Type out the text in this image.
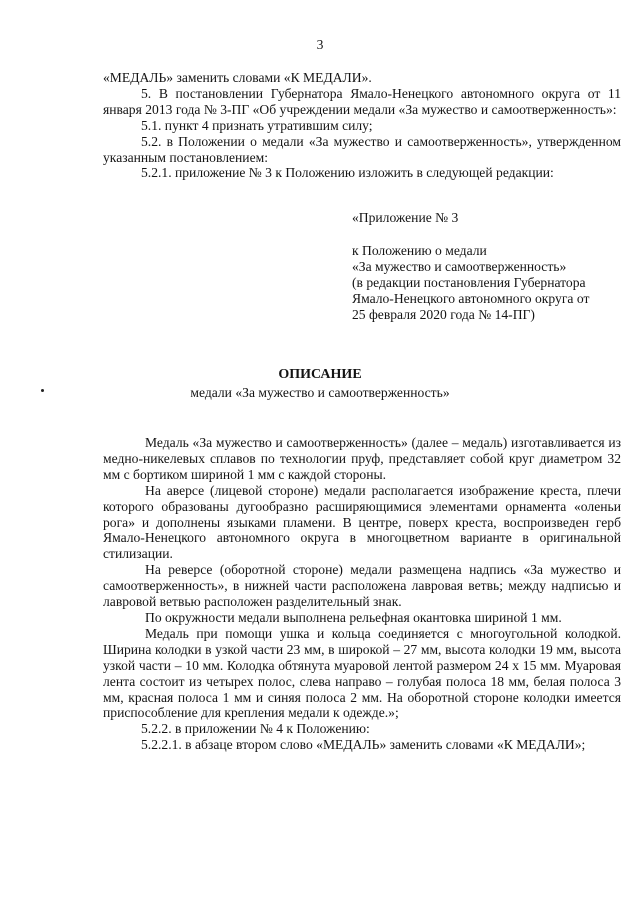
3

«МЕДАЛЬ» заменить словами «К МЕДАЛИ».

5. В постановлении Губернатора Ямало-Ненецкого автономного округа от 11 января 2013 года № 3-ПГ «Об учреждении медали «За мужество и самоотверженность»:

5.1. пункт 4 признать утратившим силу;

5.2. в Положении о медали «За мужество и самоотверженность», утвержденном указанным постановлением:

5.2.1. приложение № 3 к Положению изложить в следующей редакции:

«Приложение № 3

к Положению о медали

«За мужество и самоотверженность»

(в редакции постановления Губернатора

Ямало-Ненецкого автономного округа от

25 февраля 2020 года № 14-ПГ)

ОПИСАНИЕ
медали «За мужество и самоотверженность»

Медаль «За мужество и самоотверженность» (далее – медаль) изготавливается из медно-никелевых сплавов по технологии пруф, представляет собой круг диаметром 32 мм с бортиком шириной 1 мм с каждой стороны.

На аверсе (лицевой стороне) медали располагается изображение креста, плечи которого образованы дугообразно расширяющимися элементами орнамента «оленьи рога» и дополнены языками пламени. В центре, поверх креста, воспроизведен герб Ямало-Ненецкого автономного округа в многоцветном варианте в оригинальной стилизации.

На реверсе (оборотной стороне) медали размещена надпись «За мужество и самоотверженность», в нижней части расположена лавровая ветвь; между надписью и лавровой ветвью расположен разделительный знак.

По окружности медали выполнена рельефная окантовка шириной 1 мм.

Медаль при помощи ушка и кольца соединяется с многоугольной колодкой. Ширина колодки в узкой части 23 мм, в широкой – 27 мм, высота колодки 19 мм, высота узкой части – 10 мм. Колодка обтянута муаровой лентой размером 24 х 15 мм. Муаровая лента состоит из четырех полос, слева направо – голубая полоса 18 мм, белая полоса 3 мм, красная полоса 1 мм и синяя полоса 2 мм. На оборотной стороне колодки имеется приспособление для крепления медали к одежде.»;

5.2.2. в приложении № 4 к Положению:

5.2.2.1. в абзаце втором слово «МЕДАЛЬ» заменить словами «К МЕДАЛИ»;
